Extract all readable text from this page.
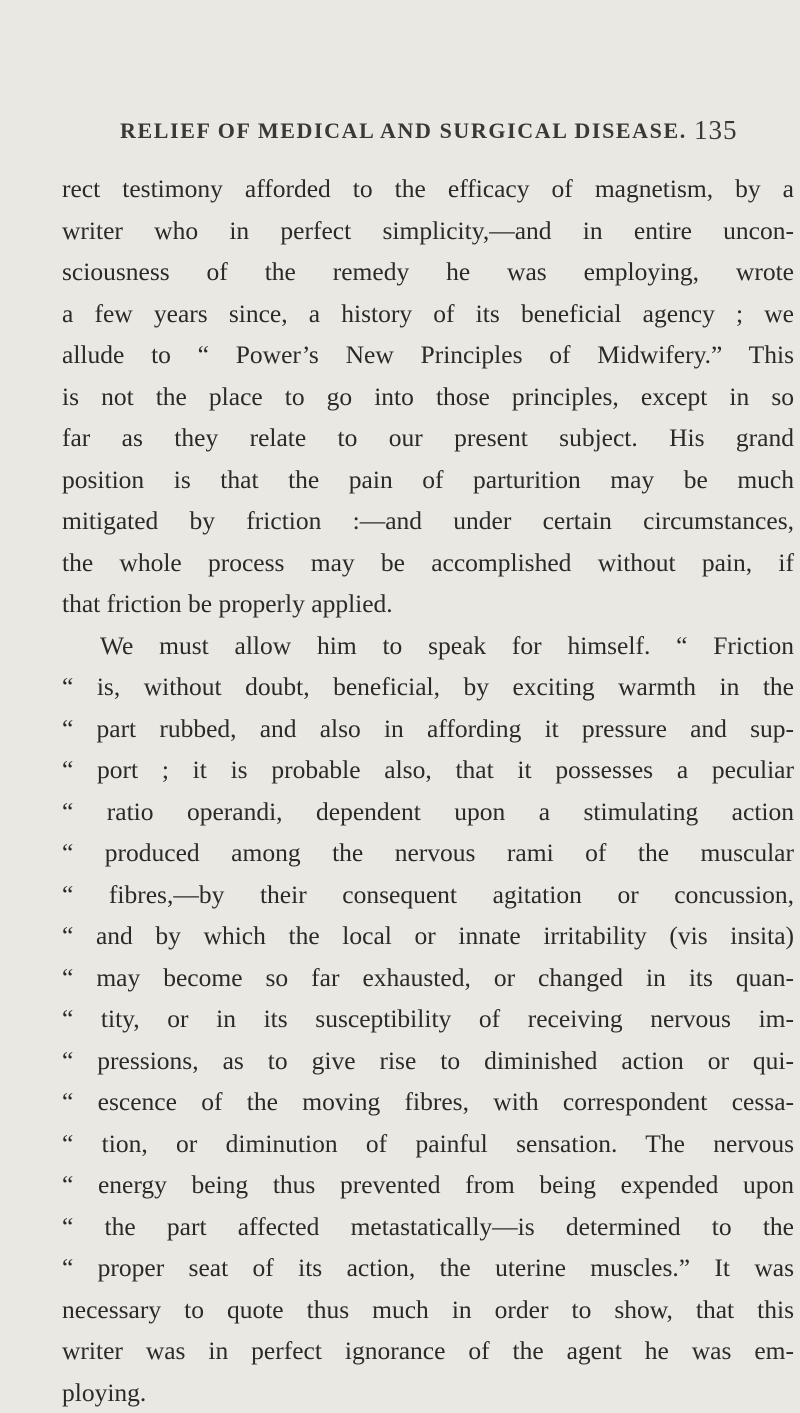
RELIEF OF MEDICAL AND SURGICAL DISEASE. 135
rect testimony afforded to the efficacy of magnetism, by a
writer who in perfect simplicity,—and in entire uncon-
sciousness of the remedy he was employing, wrote
a few years since, a history of its beneficial agency ; we
allude to “ Power’s New Principles of Midwifery.” This
is not the place to go into those principles, except in so
far as they relate to our present subject. His grand
position is that the pain of parturition may be much
mitigated by friction :—and under certain circumstances,
the whole process may be accomplished without pain, if
that friction be properly applied.
We must allow him to speak for himself. “ Friction
“ is, without doubt, beneficial, by exciting warmth in the
“ part rubbed, and also in affording it pressure and sup-
“ port ; it is probable also, that it possesses a peculiar
“ ratio operandi, dependent upon a stimulating action
“ produced among the nervous rami of the muscular
“ fibres,—by their consequent agitation or concussion,
“ and by which the local or innate irritability (vis insita)
“ may become so far exhausted, or changed in its quan-
“ tity, or in its susceptibility of receiving nervous im-
“ pressions, as to give rise to diminished action or qui-
“ escence of the moving fibres, with correspondent cessa-
“ tion, or diminution of painful sensation. The nervous
“ energy being thus prevented from being expended upon
“ the part affected metastatically—is determined to the
“ proper seat of its action, the uterine muscles.” It was
necessary to quote thus much in order to show, that this
writer was in perfect ignorance of the agent he was em-
ploying.
